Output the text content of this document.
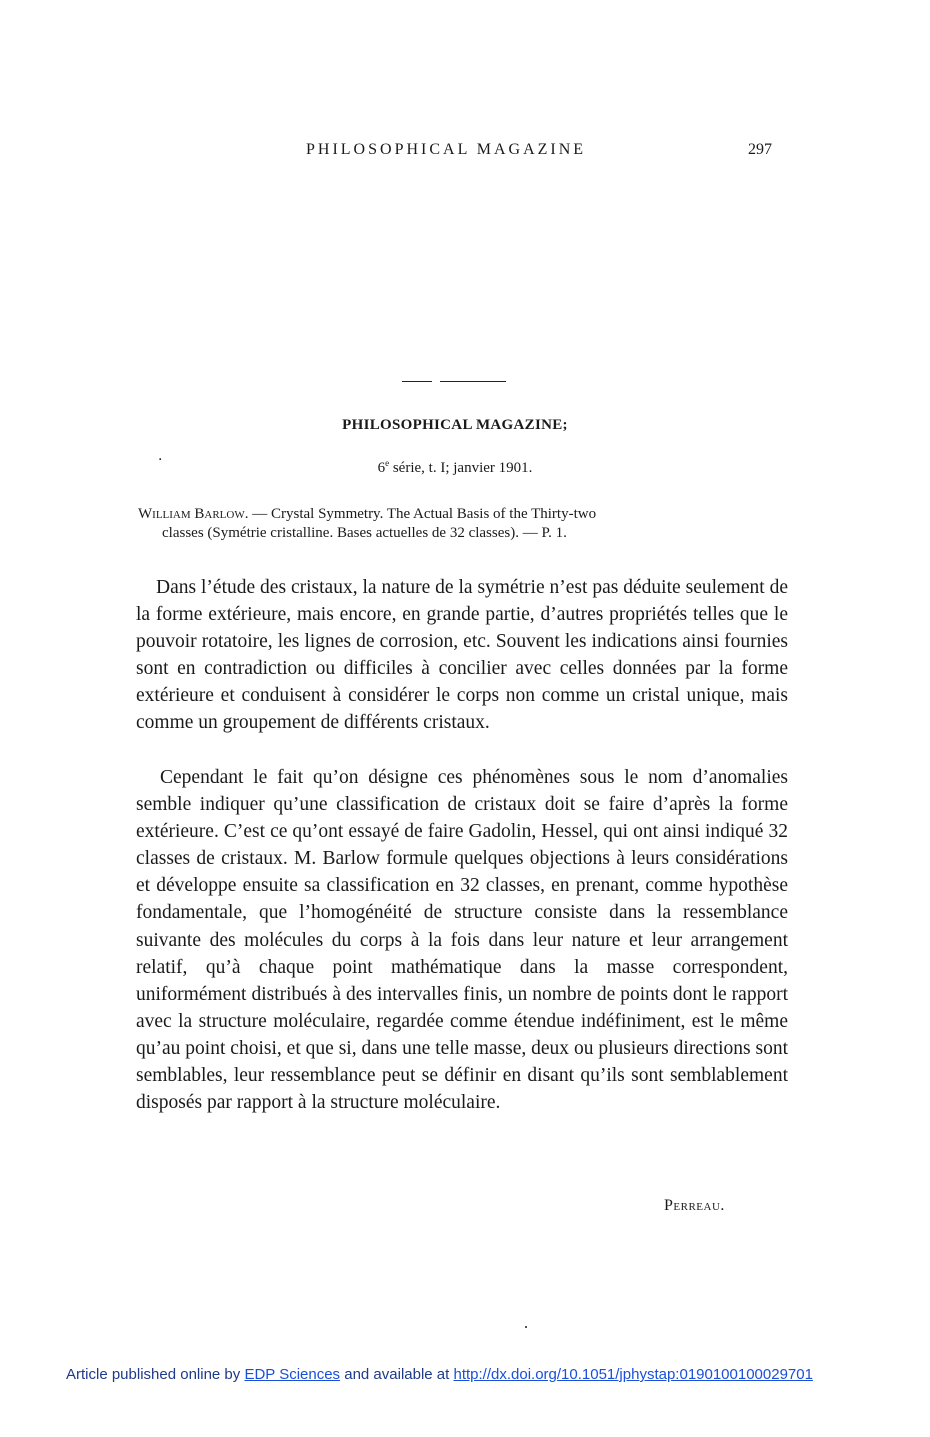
PHILOSOPHICAL MAGAZINE	297
PHILOSOPHICAL MAGAZINE;
·	$6^e$ série, t. I; janvier 1901.
William Barlow. — Crystal Symmetry. The Actual Basis of the Thirty-two
classes (Symétrie cristalline. Bases actuelles de 32 classes). — P. 1.

Dans l’étude des cristaux, la nature de la symétrie n’est pas déduite seulement de la forme extérieure, mais encore, en grande partie, d’autres propriétés telles que le pouvoir rotatoire, les lignes de corrosion, etc. Souvent les indications ainsi fournies sont en contradiction ou difficiles à concilier avec celles données par la forme extérieure et conduisent à considérer le corps non comme un cristal unique, mais comme un groupement de différents cristaux.

Cependant le fait qu’on désigne ces phénomènes sous le nom d’anomalies semble indiquer qu’une classification de cristaux doit se faire d’après la forme extérieure. C’est ce qu’ont essayé de faire Gadolin, Hessel, qui ont ainsi indiqué 32 classes de cristaux. M. Barlow formule quelques objections à leurs considérations et développe ensuite sa classification en 32 classes, en prenant, comme hypothèse fondamentale, que l’homogénéité de structure consiste dans la ressemblance suivante des molécules du corps à la fois dans leur nature et leur arrangement relatif, qu’à chaque point mathématique dans la masse correspondent, uniformément distribués à des intervalles finis, un nombre de points dont le rapport avec la structure moléculaire, regardée comme étendue indéfiniment, est le même qu’au point choisi, et que si, dans une telle masse, deux ou plusieurs directions sont semblables, leur ressemblance peut se définir en disant qu’ils sont semblablement disposés par rapport à la structure moléculaire.

Perreau.
Article published online by EDP Sciences and available at http://dx.doi.org/10.1051/jphystap:0190100100029701
